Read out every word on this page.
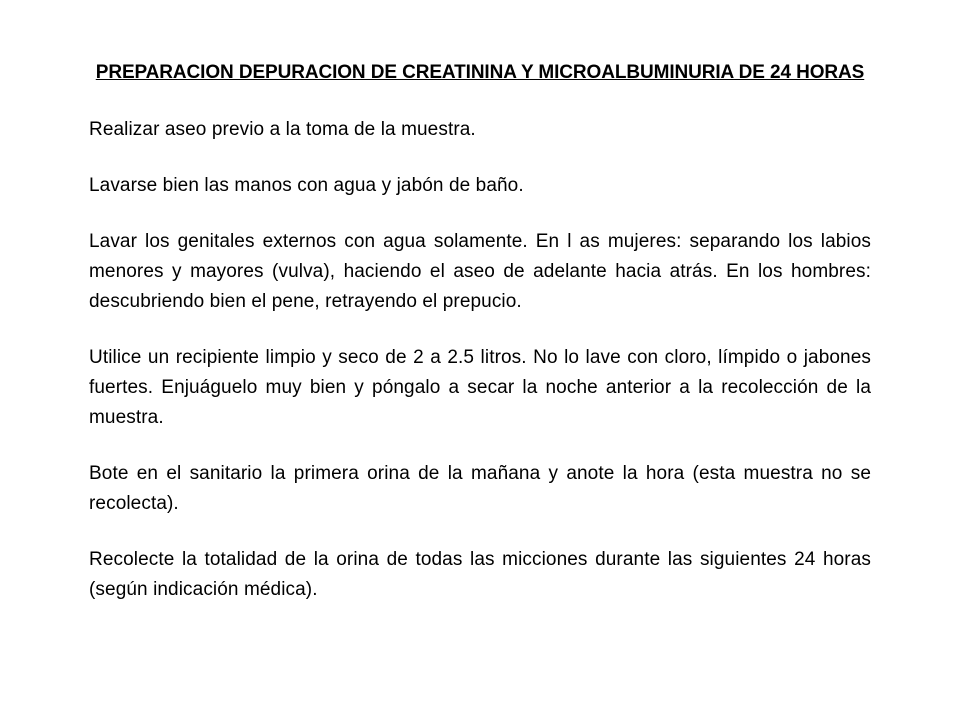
PREPARACION DEPURACION DE CREATININA Y MICROALBUMINURIA DE 24 HORAS

Realizar aseo previo a la toma de la muestra.

Lavarse bien las manos con agua y jabón de baño.

Lavar los genitales externos con agua solamente. En l as mujeres: separando los labios menores y mayores (vulva), haciendo el aseo de adelante hacia atrás. En los hombres: descubriendo bien el pene, retrayendo el prepucio.

Utilice un recipiente limpio y seco de 2 a 2.5 litros. No lo lave con cloro, límpido o jabones fuertes. Enjuáguelo muy bien y póngalo a secar la noche anterior a la recolección de la muestra.

Bote en el sanitario la primera orina de la mañana y anote la hora (esta muestra no se recolecta).

Recolecte la totalidad de la orina de todas las micciones durante las siguientes 24 horas (según indicación médica).
